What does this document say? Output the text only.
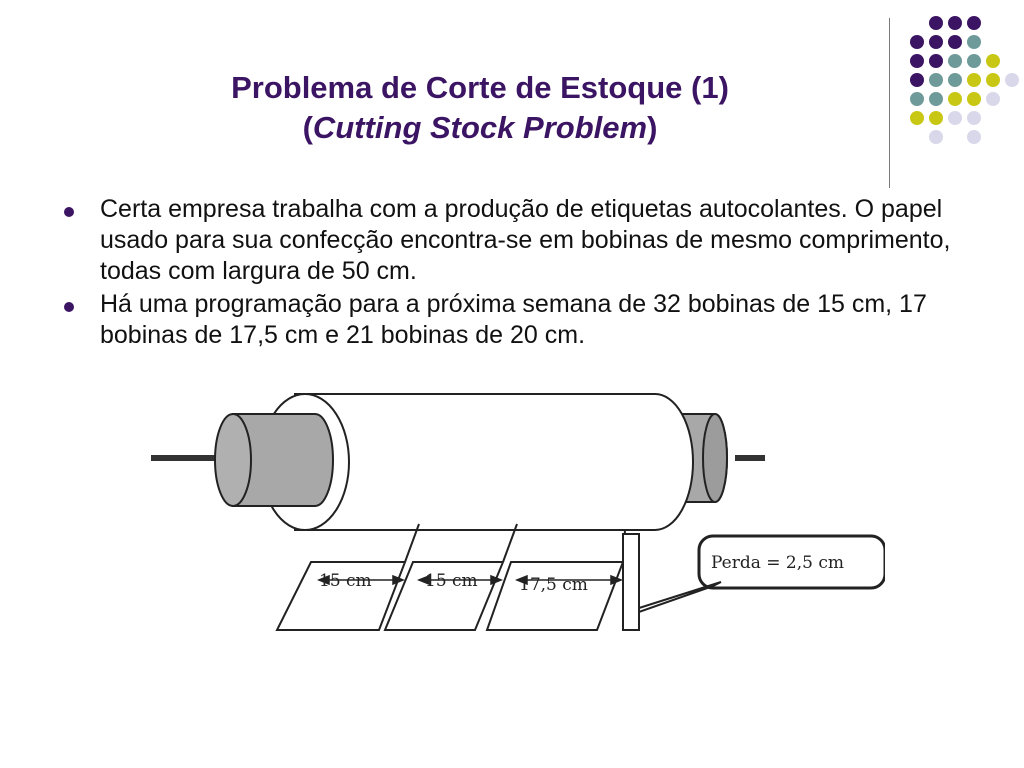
Problema de Corte de Estoque (1)
(Cutting Stock Problem)
Certa empresa trabalha com a produção de etiquetas autocolantes. O papel usado para sua confecção encontra-se em bobinas de mesmo comprimento, todas com largura de 50 cm.
Há uma programação para a próxima semana de 32 bobinas de 15 cm, 17 bobinas de 17,5 cm e 21 bobinas de 20 cm.
15 cm	15 cm 17,5 cm
Perda = 2,5 cm
